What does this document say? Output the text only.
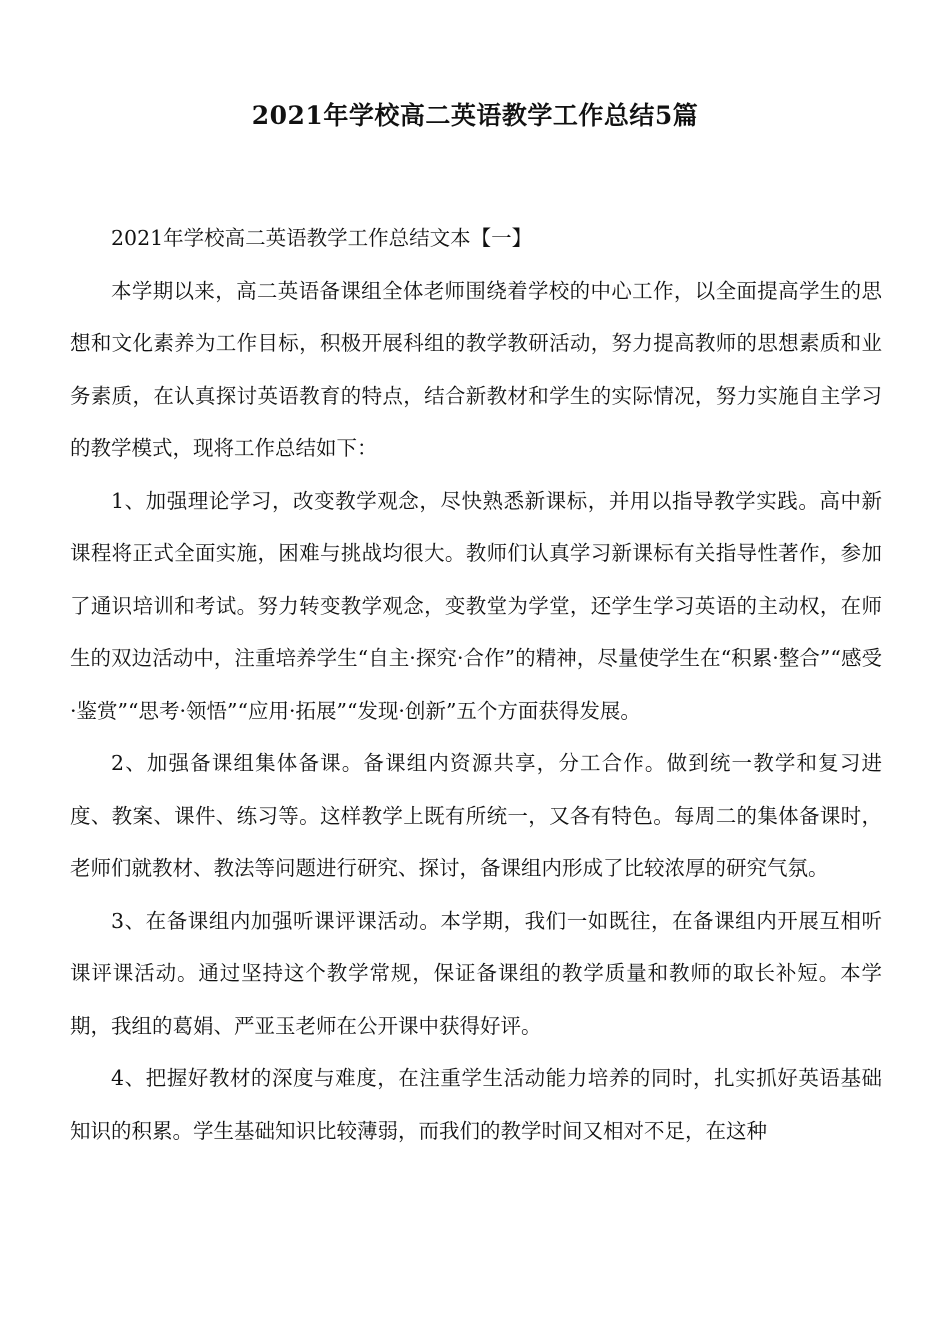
2021年学校高二英语教学工作总结5篇

2021年学校高二英语教学工作总结文本【一】

本学期以来，高二英语备课组全体老师围绕着学校的中心工作，以全面提高学生的思想和文化素养为工作目标，积极开展科组的教学教研活动，努力提高教师的思想素质和业务素质，在认真探讨英语教育的特点，结合新教材和学生的实际情况，努力实施自主学习的教学模式，现将工作总结如下：

1、加强理论学习，改变教学观念，尽快熟悉新课标，并用以指导教学实践。高中新课程将正式全面实施，困难与挑战均很大。教师们认真学习新课标有关指导性著作，参加了通识培训和考试。努力转变教学观念，变教堂为学堂，还学生学习英语的主动权，在师生的双边活动中，注重培养学生“自主·探究·合作”的精神，尽量使学生在“积累·整合”“感受·鉴赏”“思考·领悟”“应用·拓展”“发现·创新”五个方面获得发展。

2、加强备课组集体备课。备课组内资源共享，分工合作。做到统一教学和复习进度、教案、课件、练习等。这样教学上既有所统一，又各有特色。每周二的集体备课时，老师们就教材、教法等问题进行研究、探讨，备课组内形成了比较浓厚的研究气氛。

3、在备课组内加强听课评课活动。本学期，我们一如既往，在备课组内开展互相听课评课活动。通过坚持这个教学常规，保证备课组的教学质量和教师的取长补短。本学期，我组的葛娟、严亚玉老师在公开课中获得好评。

4、把握好教材的深度与难度，在注重学生活动能力培养的同时，扎实抓好英语基础知识的积累。学生基础知识比较薄弱，而我们的教学时间又相对不足，在这种
